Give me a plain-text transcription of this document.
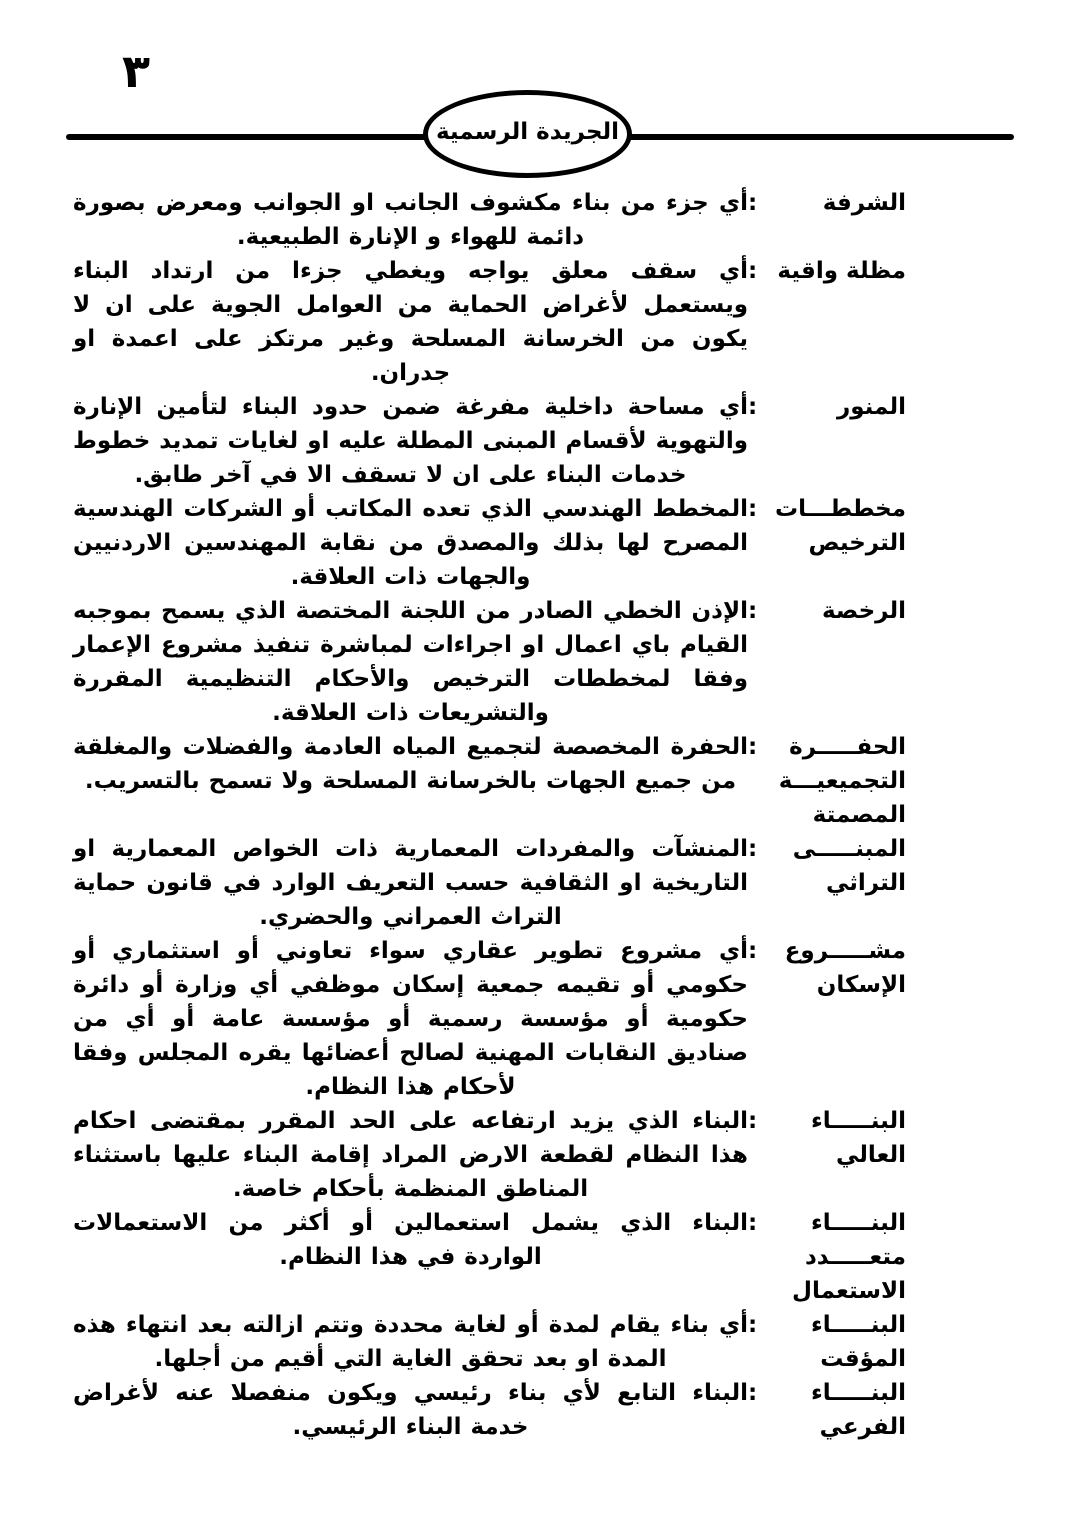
٣
الجريدة الرسمية
الشرفة
:
أي جزء من بناء مكشوف الجانب او الجوانب ومعرض بصورة دائمة للهواء و الإنارة الطبيعية.
مظلة واقية
:
أي سقف معلق يواجه ويغطي جزءا من ارتداد البناء ويستعمل لأغراض الحماية من العوامل الجوية على ان لا يكون من الخرسانة المسلحة وغير مرتكز على اعمدة او جدران.
المنور
:
أي مساحة داخلية مفرغة ضمن حدود البناء لتأمين الإنارة والتهوية لأقسام المبنى المطلة عليه او لغايات تمديد خطوط خدمات البناء على ان لا تسقف الا في آخر طابق.
مخططـــات
الترخيص
:
المخطط الهندسي الذي تعده المكاتب أو الشركات الهندسية المصرح لها بذلك والمصدق من نقابة المهندسين الاردنيين والجهات ذات العلاقة.
الرخصة
:
الإذن الخطي الصادر من اللجنة المختصة الذي يسمح بموجبه القيام باي اعمال او اجراءات لمباشرة تنفيذ مشروع الإعمار وفقا لمخططات الترخيص والأحكام التنظيمية المقررة والتشريعات ذات العلاقة.
الحفـــــرة
التجميعيـــة
المصمتة
:
الحفرة المخصصة لتجميع المياه العادمة والفضلات والمغلقة من جميع الجهات بالخرسانة المسلحة ولا تسمح بالتسريب.
المبنـــــى
التراثي
:
المنشآت والمفردات المعمارية ذات الخواص المعمارية او التاريخية او الثقافية حسب التعريف الوارد في قانون حماية التراث العمراني والحضري.
مشـــــروع
الإسكان
:
أي مشروع تطوير عقاري سواء تعاوني أو استثماري أو حكومي أو تقيمه جمعية إسكان موظفي أي وزارة أو دائرة حكومية أو مؤسسة رسمية أو مؤسسة عامة أو أي من صناديق النقابات المهنية لصالح أعضائها يقره المجلس وفقا لأحكام هذا النظام.
البنـــــاء
العالي
:
البناء الذي يزيد ارتفاعه على الحد المقرر بمقتضى احكام هذا النظام لقطعة الارض المراد إقامة البناء عليها باستثناء المناطق المنظمة بأحكام خاصة.
البنـــــاء
متعـــــدد
الاستعمال
:
البناء الذي يشمل استعمالين أو أكثر من الاستعمالات الواردة في هذا النظام.
البنـــــاء
المؤقت
:
أي بناء يقام لمدة أو لغاية محددة وتتم ازالته بعد انتهاء هذه المدة او بعد تحقق الغاية التي أقيم من أجلها.
البنـــــاء
الفرعي
:
البناء التابع لأي بناء رئيسي ويكون منفصلا عنه لأغراض خدمة البناء الرئيسي.
